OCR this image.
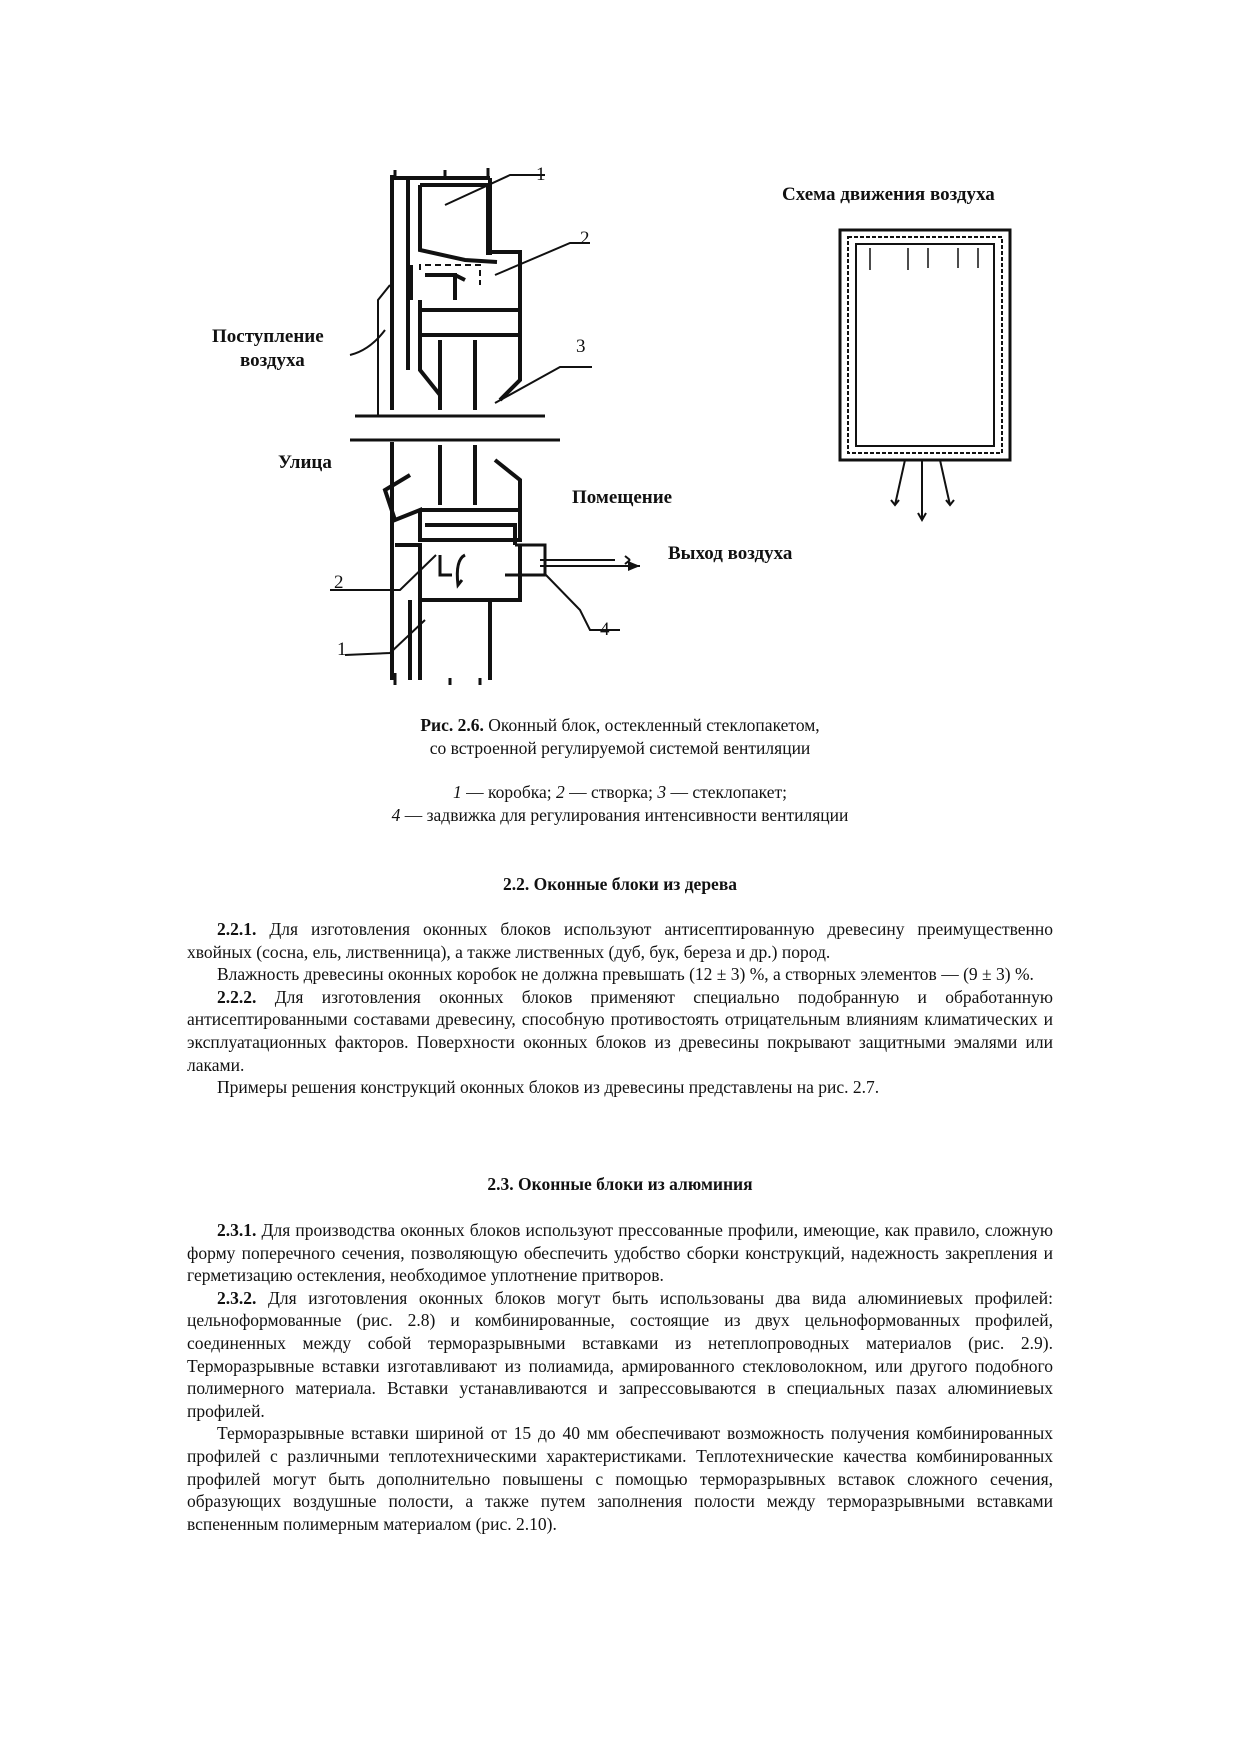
1
2
3
Поступление
воздуха
Улица
Помещение
Выход воздуха
2
4
1
Схема движения воздуха
Рис. 2.6. Оконный блок, остекленный стеклопакетом,
со встроенной регулируемой системой вентиляции
1 — коробка; 2 — створка; 3 — стеклопакет;
4 — задвижка для регулирования интенсивности вентиляции
2.2. Оконные блоки из дерева

2.2.1. Для изготовления оконных блоков используют антисептированную древесину преимущественно хвойных (сосна, ель, лиственница), а также лиственных (дуб, бук, береза и др.) пород.

Влажность древесины оконных коробок не должна превышать (12 ± 3) %, а створных элементов — (9 ± 3) %.

2.2.2. Для изготовления оконных блоков применяют специально подобранную и обработанную антисептированными составами древесину, способную противостоять отрицательным влияниям климатических и эксплуатационных факторов. Поверхности оконных блоков из древесины покрывают защитными эмалями или лаками.

Примеры решения конструкций оконных блоков из древесины представлены на рис. 2.7.

2.3. Оконные блоки из алюминия

2.3.1. Для производства оконных блоков используют прессованные профили, имеющие, как правило, сложную форму поперечного сечения, позволяющую обеспечить удобство сборки конструкций, надежность закрепления и герметизацию остекления, необходимое уплотнение притворов.

2.3.2. Для изготовления оконных блоков могут быть использованы два вида алюминиевых профилей: цельноформованные (рис. 2.8) и комбинированные, состоящие из двух цельноформованных профилей, соединенных между собой терморазрывными вставками из нетеплопроводных материалов (рис. 2.9). Терморазрывные вставки изготавливают из полиамида, армированного стекловолокном, или другого подобного полимерного материала. Вставки устанавливаются и запрессовываются в специальных пазах алюминиевых профилей.

Терморазрывные вставки шириной от 15 до 40 мм обеспечивают возможность получения комбинированных профилей с различными теплотехническими характеристиками. Теплотехнические качества комбинированных профилей могут быть дополнительно повышены с помощью терморазрывных вставок сложного сечения, образующих воздушные полости, а также путем заполнения полости между терморазрывными вставками вспененным полимерным материалом (рис. 2.10).
